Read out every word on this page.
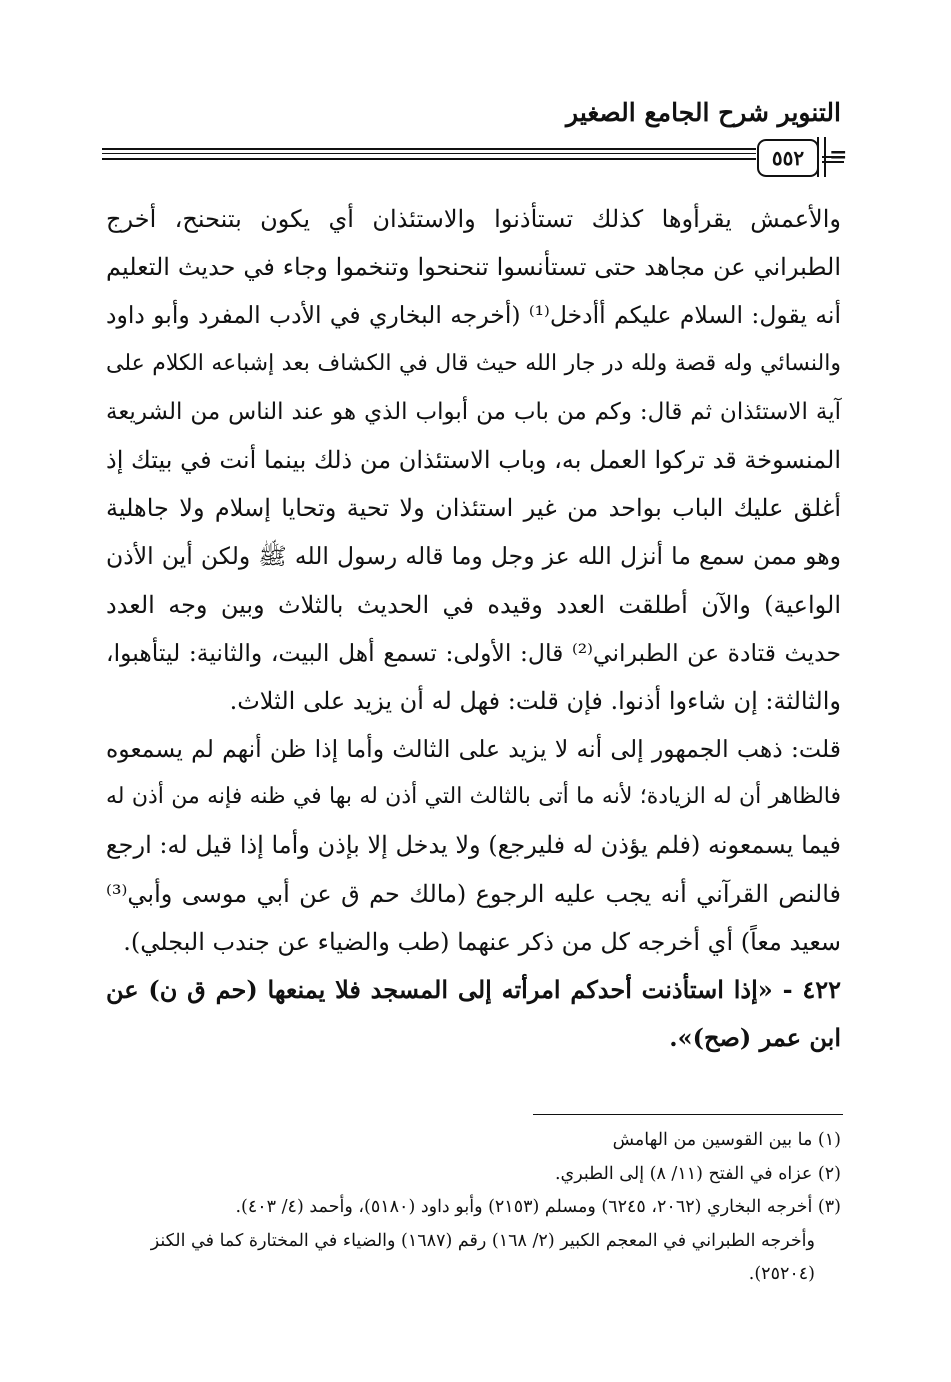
التنوير شرح الجامع الصغير
=
٥٥٢
والأعمش يقرأوها كذلك تستأذنوا والاستئذان أي يكون بتنحنح، أخرج
الطبراني عن مجاهد حتى تستأنسوا تنحنحوا وتنخموا وجاء في حديث التعليم
أنه يقول: السلام عليكم أأدخل⁽¹⁾ (أخرجه البخاري في الأدب المفرد وأبو داود
والنسائي وله قصة ولله در جار الله حيث قال في الكشاف بعد إشباعه الكلام على
آية الاستئذان ثم قال: وكم من باب من أبواب الذي هو عند الناس من الشريعة
المنسوخة قد تركوا العمل به، وباب الاستئذان من ذلك بينما أنت في بيتك إذ
أغلق عليك الباب بواحد من غير استئذان ولا تحية وتحايا إسلام ولا جاهلية
وهو ممن سمع ما أنزل الله عز وجل وما قاله رسول الله ﷺ ولكن أين الأذن
الواعية) والآن أطلقت العدد وقيده في الحديث بالثلاث وبين وجه العدد
حديث قتادة عن الطبراني⁽²⁾ قال: الأولى: تسمع أهل البيت، والثانية: ليتأهبوا،
والثالثة: إن شاءوا أذنوا. فإن قلت: فهل له أن يزيد على الثلاث.
قلت: ذهب الجمهور إلى أنه لا يزيد على الثالث وأما إذا ظن أنهم لم يسمعوه
فالظاهر أن له الزيادة؛ لأنه ما أتى بالثالث التي أذن له بها في ظنه فإنه من أذن له
فيما يسمعونه (فلم يؤذن له فليرجع) ولا يدخل إلا بإذن وأما إذا قيل له: ارجع
فالنص القرآني أنه يجب عليه الرجوع (مالك حم ق عن أبي موسى وأبي⁽³⁾
سعيد معاً) أي أخرجه كل من ذكر عنهما (طب والضياء عن جندب البجلي).
٤٢٢ - «إذا استأذنت أحدكم امرأته إلى المسجد فلا يمنعها (حم ق ن) عن
ابن عمر (صح)».
(١) ما بين القوسين من الهامش
(٢) عزاه في الفتح (١١/ ٨) إلى الطبري.
(٣) أخرجه البخاري (٢٠٦٢، ٦٢٤٥) ومسلم (٢١٥٣) وأبو داود (٥١٨٠)، وأحمد (٤/ ٤٠٣).
وأخرجه الطبراني في المعجم الكبير (٢/ ١٦٨) رقم (١٦٨٧) والضياء في المختارة كما في الكنز
(٢٥٢٠٤).
